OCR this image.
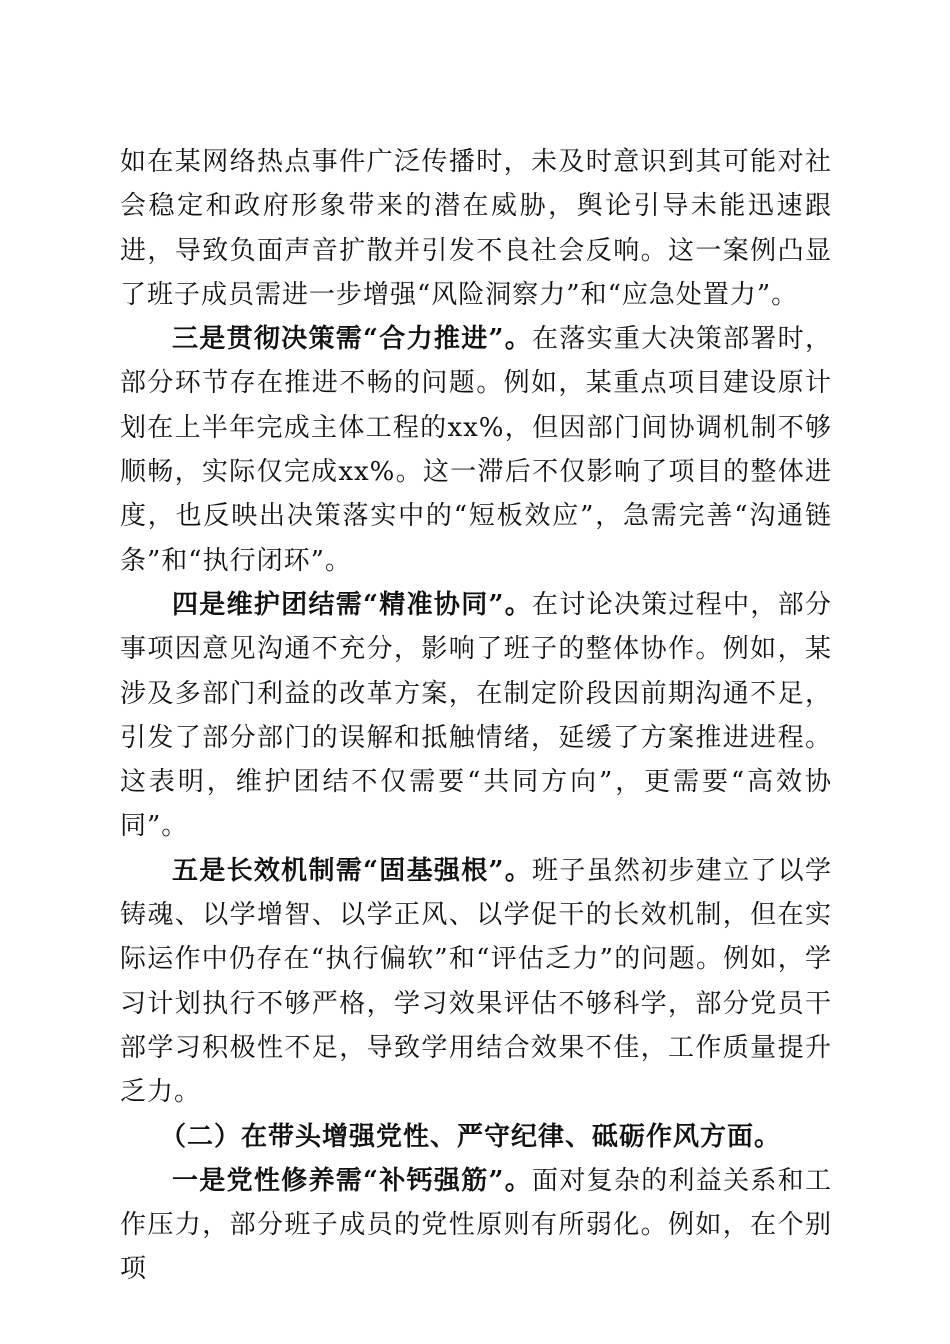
如在某网络热点事件广泛传播时，未及时意识到其可能对社会稳定和政府形象带来的潜在威胁，舆论引导未能迅速跟进，导致负面声音扩散并引发不良社会反响。这一案例凸显了班子成员需进一步增强“风险洞察力”和“应急处置力”。

三是贯彻决策需“合力推进”。在落实重大决策部署时，部分环节存在推进不畅的问题。例如，某重点项目建设原计划在上半年完成主体工程的xx%，但因部门间协调机制不够顺畅，实际仅完成xx%。这一滞后不仅影响了项目的整体进度，也反映出决策落实中的“短板效应”，急需完善“沟通链条”和“执行闭环”。

四是维护团结需“精准协同”。在讨论决策过程中，部分事项因意见沟通不充分，影响了班子的整体协作。例如，某涉及多部门利益的改革方案，在制定阶段因前期沟通不足，引发了部分部门的误解和抵触情绪，延缓了方案推进进程。这表明，维护团结不仅需要“共同方向”，更需要“高效协同”。

五是长效机制需“固基强根”。班子虽然初步建立了以学铸魂、以学增智、以学正风、以学促干的长效机制，但在实际运作中仍存在“执行偏软”和“评估乏力”的问题。例如，学习计划执行不够严格，学习效果评估不够科学，部分党员干部学习积极性不足，导致学用结合效果不佳，工作质量提升乏力。

（二）在带头增强党性、严守纪律、砥砺作风方面。

一是党性修养需“补钙强筋”。面对复杂的利益关系和工作压力，部分班子成员的党性原则有所弱化。例如，在个别项
